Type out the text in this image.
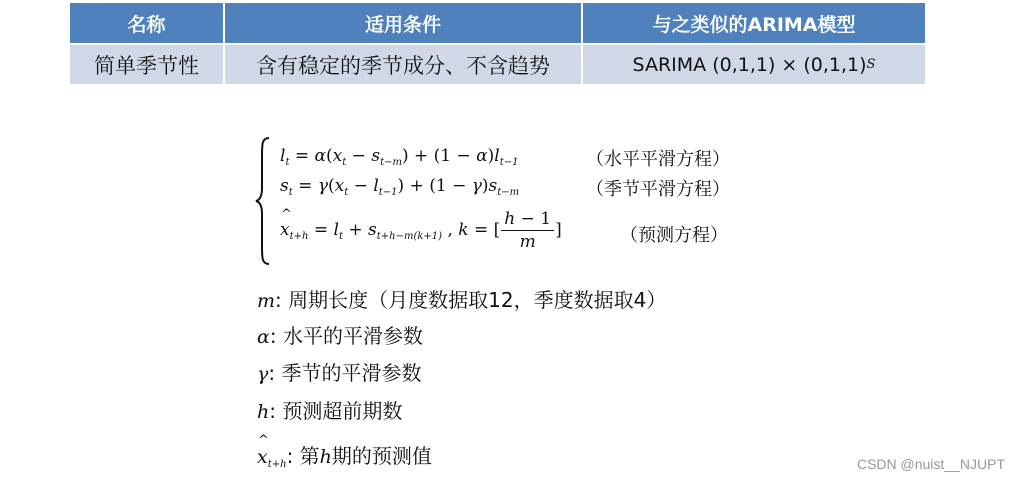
名称	适用条件	与之类似的ARIMA模型
简单季节性	含有稳定的季节成分、不含趋势	SARIMA (0,1,1) × (0,1,1) S
$l_t = \alpha(x_t - s_{t-m}) + (1 - \alpha)l_{t-1}$	（水平平滑方程）
$s_t = \gamma(x_t - l_{t-1}) + (1 - \gamma)s_{t-m}$	（季节平滑方程）
^ $x_{t+h} = l_t + s_{t+h-m(k+1)}$ , k = [ $\frac{h - 1}{m}$ ]	（预测方程）
m: 周期长度（月度数据取12，季度数据取4）
α: 水平的平滑参数
γ: 季节的平滑参数
h: 预测超前期数
^ $x_{t+h}$: 第h期的预测值	CSDN @nuist__NJUPT
